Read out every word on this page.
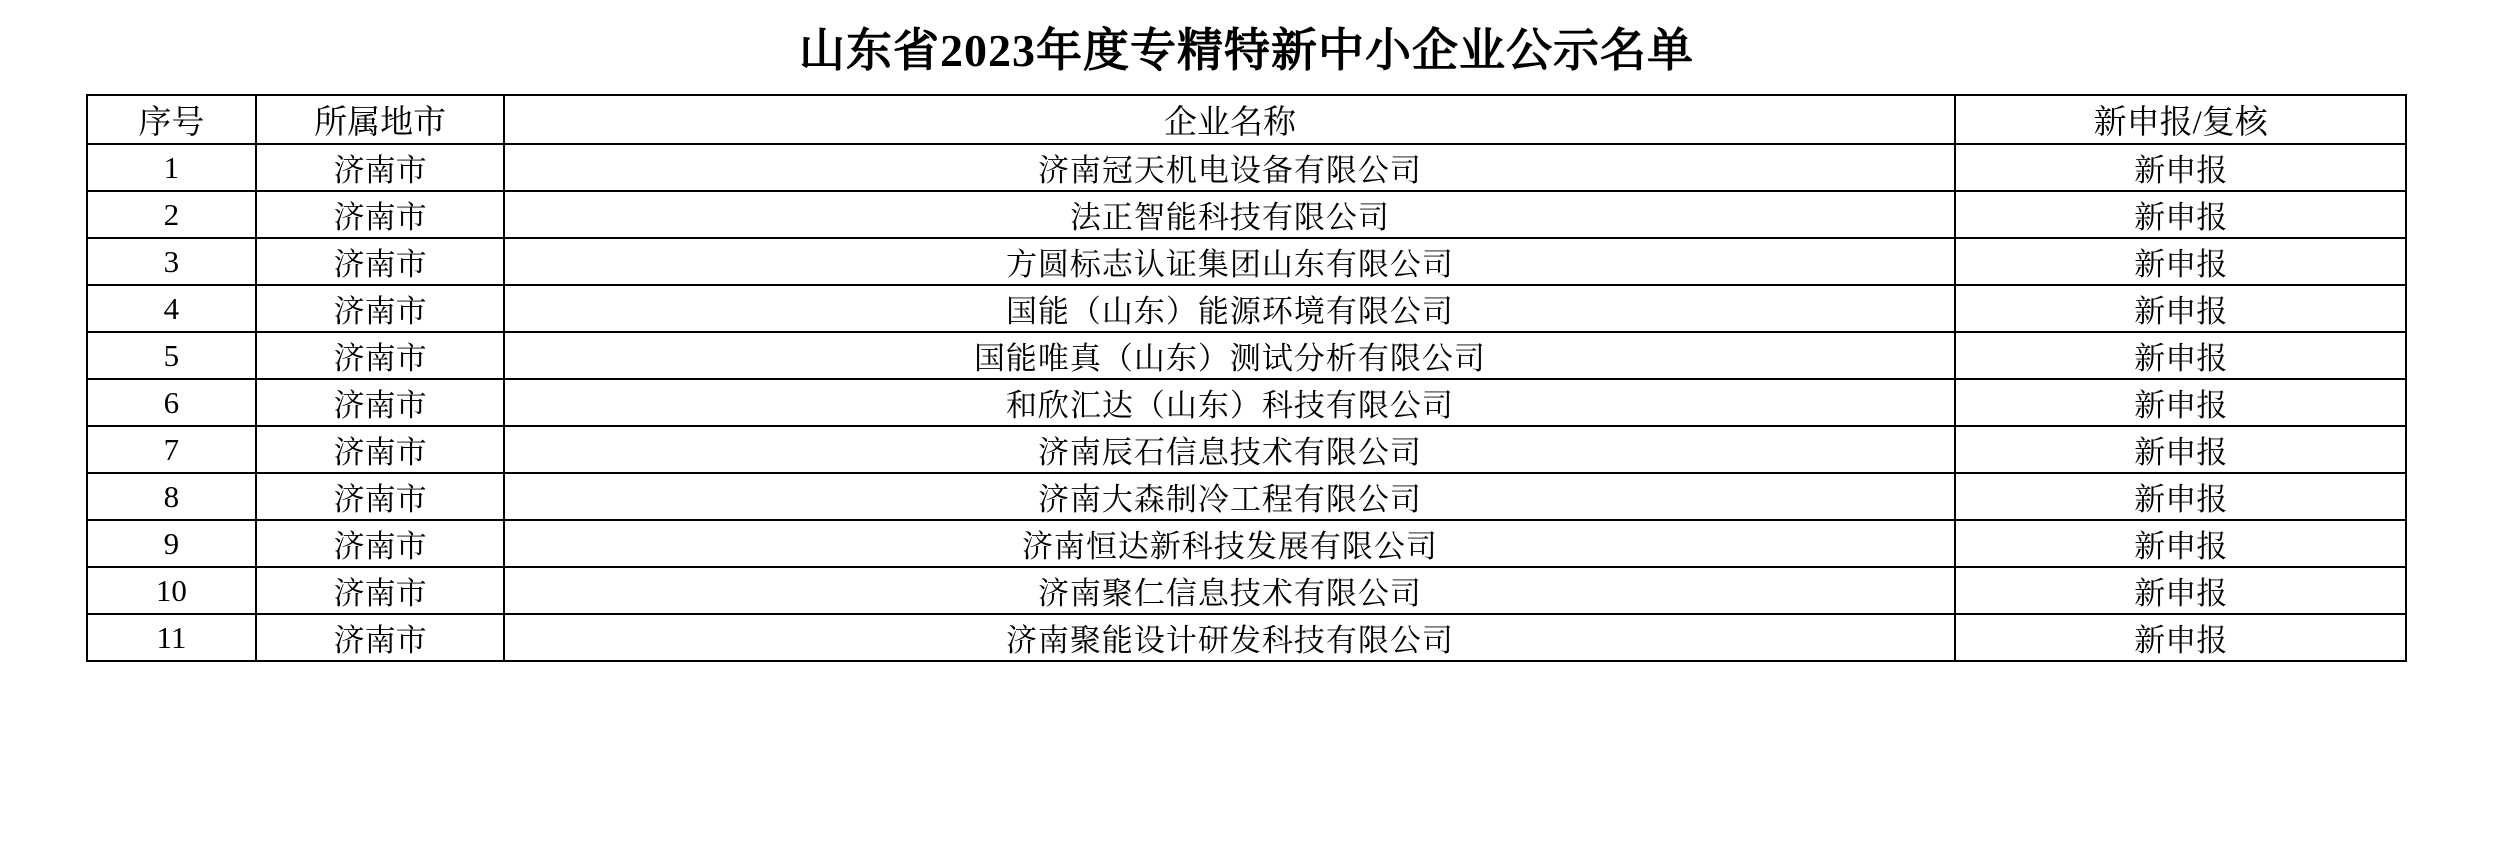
山东省2023年度专精特新中小企业公示名单
序号	所属地市	企业名称	新申报/复核
1	济南市	济南冠天机电设备有限公司	新申报
2	济南市	法正智能科技有限公司	新申报
3	济南市	方圆标志认证集团山东有限公司	新申报
4	济南市	国能（山东）能源环境有限公司	新申报
5	济南市	国能唯真（山东）测试分析有限公司	新申报
6	济南市	和欣汇达（山东）科技有限公司	新申报
7	济南市	济南辰石信息技术有限公司	新申报
8	济南市	济南大森制冷工程有限公司	新申报
9	济南市	济南恒达新科技发展有限公司	新申报
10	济南市	济南聚仁信息技术有限公司	新申报
11	济南市	济南聚能设计研发科技有限公司	新申报
